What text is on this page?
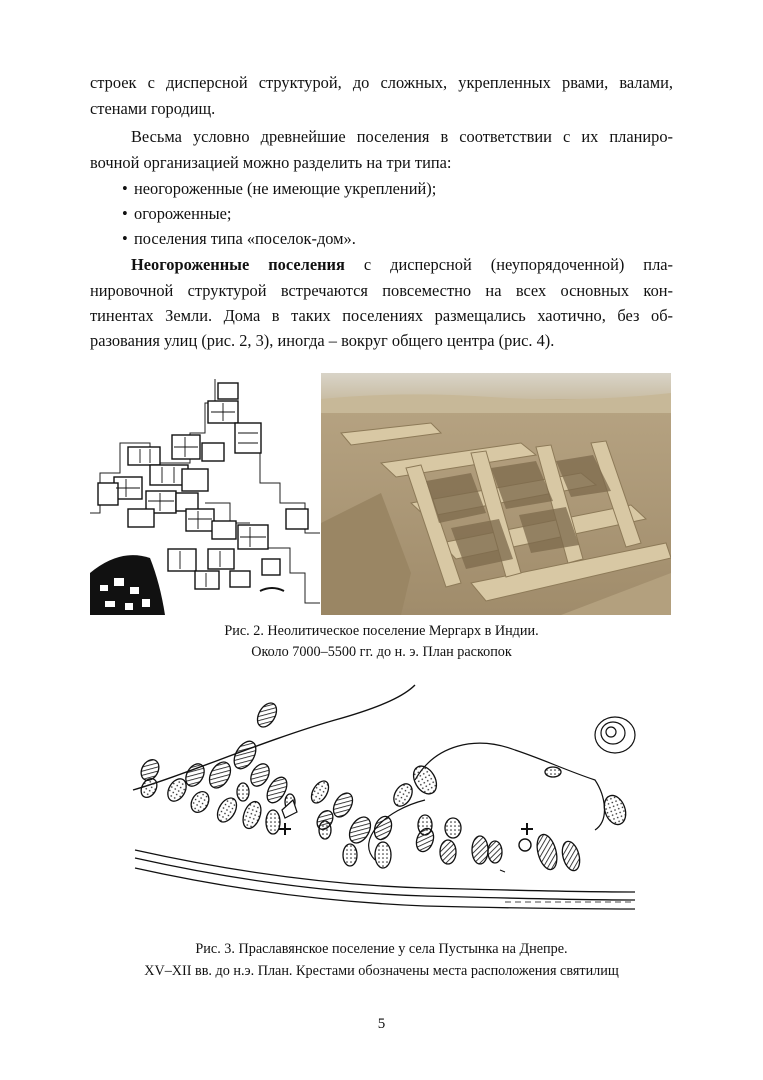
строек с дисперсной структурой, до сложных, укрепленных рвами, валами,

стенами городищ.

Весьма условно древнейшие поселения в соответствии с их планиро-

вочной организацией можно разделить на три типа:

• неогороженные (не имеющие укреплений);
• огороженные;
• поселения типа «поселок-дом».

Неогороженные поселения с дисперсной (неупорядоченной) пла-

нировочной структурой встречаются повсеместно на всех основных кон-

тинентах Земли. Дома в таких поселениях размещались хаотично, без об-

разования улиц (рис. 2, 3), иногда – вокруг общего центра (рис. 4).

Рис. 2. Неолитическое поселение Мергарх в Индии.
Около 7000–5500 гг. до н. э. План раскопок
Рис. 3. Праславянское поселение у села Пустынка на Днепре.
XV–XII вв. до н.э. План. Крестами обозначены места расположения святилищ
5
